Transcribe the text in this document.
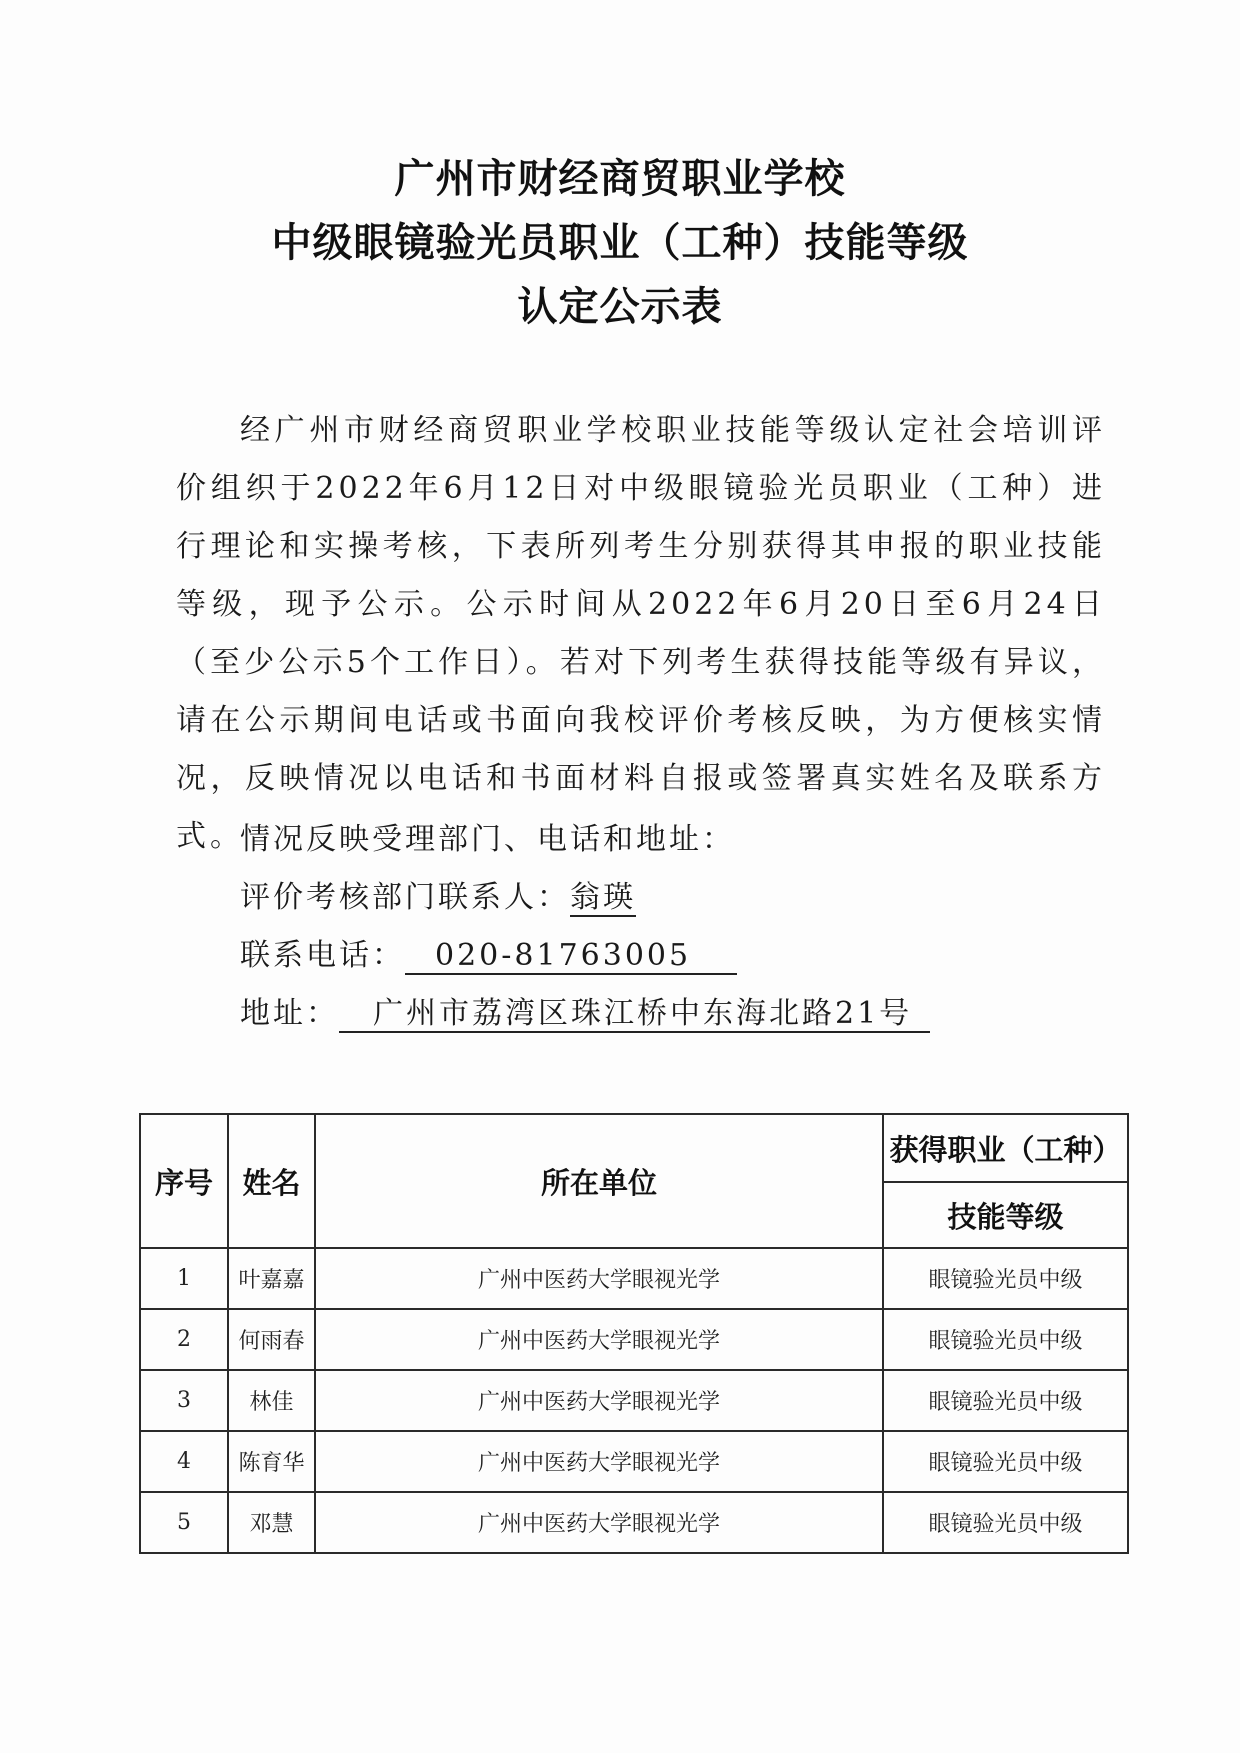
广州市财经商贸职业学校
中级眼镜验光员职业（工种）技能等级
认定公示表
经广州市财经商贸职业学校职业技能等级认定社会培训评价组织于2022年6月12日对中级眼镜验光员职业（工种）进行理论和实操考核，下表所列考生分别获得其申报的职业技能等级，现予公示。公示时间从2022年6月20日至6月24日（至少公示5个工作日）。若对下列考生获得技能等级有异议，请在公示期间电话或书面向我校评价考核反映，为方便核实情况，反映情况以电话和书面材料自报或签署真实姓名及联系方式。
情况反映受理部门、电话和地址：
评价考核部门联系人：翁瑛
联系电话： 020-81763005
地址： 广州市荔湾区珠江桥中东海北路21号
序号	姓名	所在单位	获得职业（工种）
			技能等级
1	叶嘉嘉	广州中医药大学眼视光学	眼镜验光员中级
2	何雨春	广州中医药大学眼视光学	眼镜验光员中级
3	林佳	广州中医药大学眼视光学	眼镜验光员中级
4	陈育华	广州中医药大学眼视光学	眼镜验光员中级
5	邓慧	广州中医药大学眼视光学	眼镜验光员中级
